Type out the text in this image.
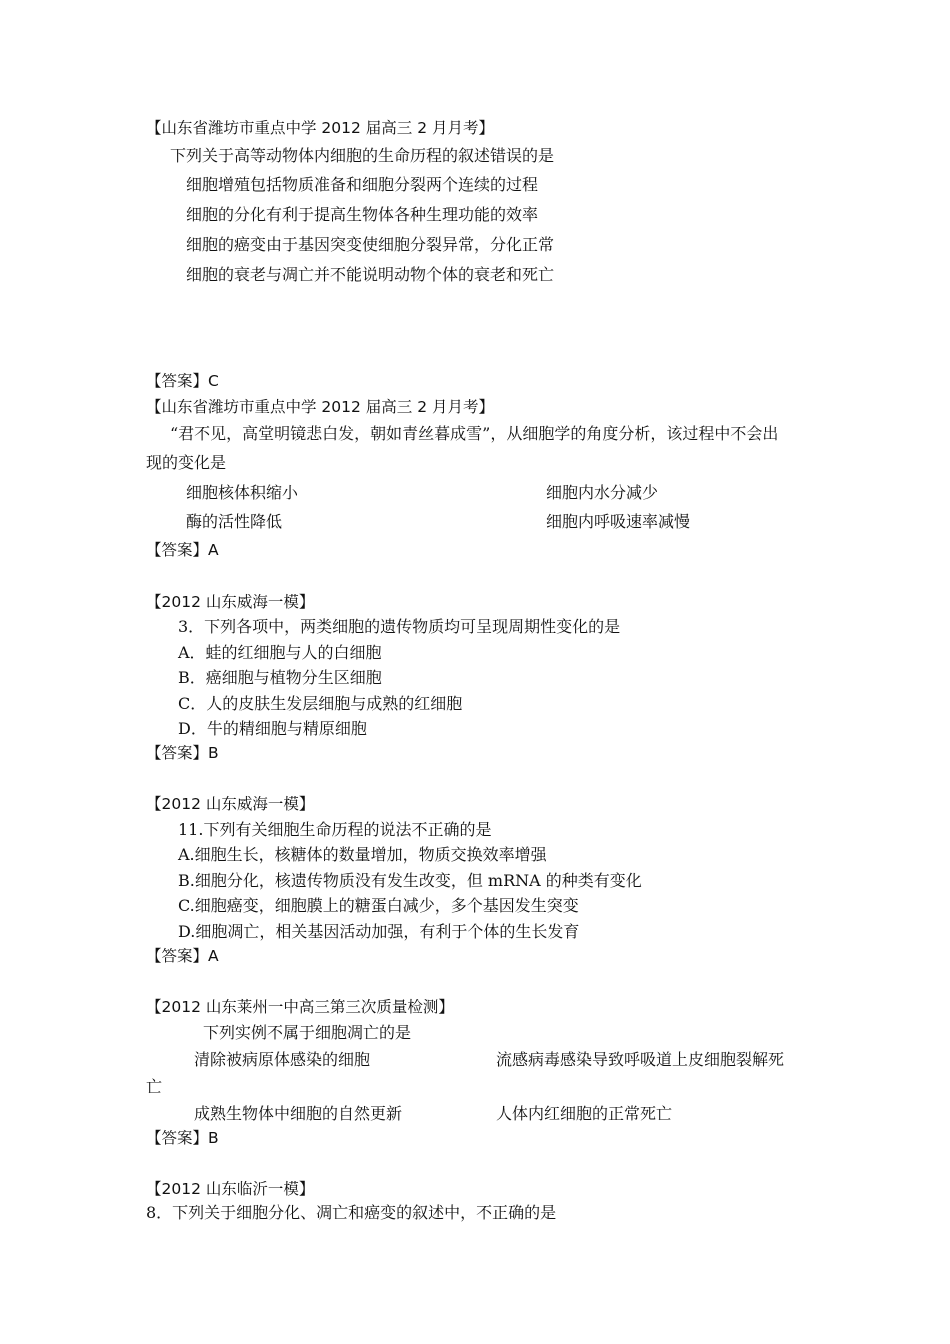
【山东省潍坊市重点中学 2012 届高三 2 月月考】
下列关于高等动物体内细胞的生命历程的叙述错误的是
细胞增殖包括物质准备和细胞分裂两个连续的过程
细胞的分化有利于提高生物体各种生理功能的效率
细胞的癌变由于基因突变使细胞分裂异常，分化正常
细胞的衰老与凋亡并不能说明动物个体的衰老和死亡
【答案】C
【山东省潍坊市重点中学 2012 届高三 2 月月考】
“君不见，高堂明镜悲白发，朝如青丝暮成雪”，从细胞学的角度分析，该过程中不会出
现的变化是
细胞核体积缩小	细胞内水分减少
酶的活性降低	细胞内呼吸速率减慢
【答案】A
【2012 山东威海一模】
3．下列各项中，两类细胞的遗传物质均可呈现周期性变化的是
A．蛙的红细胞与人的白细胞
B．癌细胞与植物分生区细胞
C．人的皮肤生发层细胞与成熟的红细胞
D．牛的精细胞与精原细胞
【答案】B
【2012 山东威海一模】
11.下列有关细胞生命历程的说法不正确的是
A.细胞生长，核糖体的数量增加，物质交换效率增强
B.细胞分化，核遗传物质没有发生改变，但 mRNA 的种类有变化
C.细胞癌变，细胞膜上的糖蛋白减少，多个基因发生突变
D.细胞凋亡，相关基因活动加强，有利于个体的生长发育
【答案】A
【2012 山东莱州一中高三第三次质量检测】
下列实例不属于细胞凋亡的是
清除被病原体感染的细胞	流感病毒感染导致呼吸道上皮细胞裂解死
亡
成熟生物体中细胞的自然更新	人体内红细胞的正常死亡
【答案】B
【2012 山东临沂一模】
8．下列关于细胞分化、凋亡和癌变的叙述中，不正确的是
